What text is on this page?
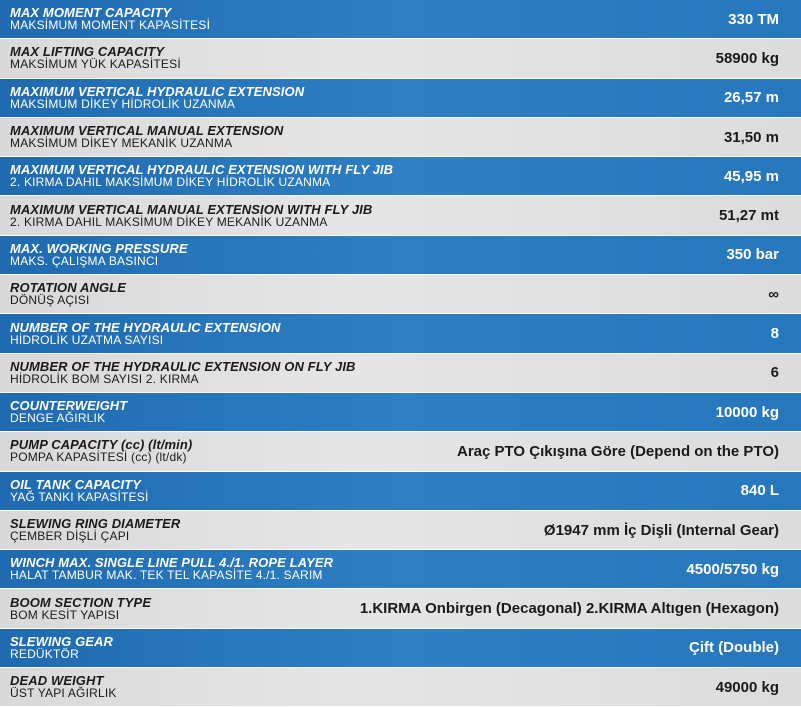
MAX MOMENT CAPACITY
MAKSİMUM MOMENT KAPASİTESİ	330 TM
MAX LIFTING CAPACITY
MAKSİMUM YÜK KAPASİTESİ	58900 kg
MAXIMUM VERTICAL HYDRAULIC EXTENSION
MAKSİMUM DİKEY HİDROLİK UZANMA	26,57 m
MAXIMUM VERTICAL MANUAL EXTENSION
MAKSİMUM DİKEY MEKANİK UZANMA	31,50 m
MAXIMUM VERTICAL HYDRAULIC EXTENSION WITH FLY JIB
2. KIRMA DAHIL MAKSİMUM DİKEY HİDROLİK UZANMA	45,95 m
MAXIMUM VERTICAL MANUAL EXTENSION WITH FLY JIB
2. KIRMA DAHIL MAKSİMUM DİKEY MEKANİK UZANMA	51,27 mt
MAX. WORKING PRESSURE
MAKS. ÇALIŞMA BASINCI	350 bar
ROTATION ANGLE
DÖNÜŞ AÇISI	∞
NUMBER OF THE HYDRAULIC EXTENSION
HİDROLİK UZATMA SAYISI	8
NUMBER OF THE HYDRAULIC EXTENSION ON FLY JIB
HİDROLİK BOM SAYISI 2. KIRMA	6
COUNTERWEIGHT
DENGE AĞIRLIK	10000 kg
PUMP CAPACITY (cc) (lt/min)
POMPA KAPASİTESİ (cc) (lt/dk)	Araç PTO Çıkışına Göre (Depend on the PTO)
OIL TANK CAPACITY
YAĞ TANKI KAPASİTESİ	840 L
SLEWING RING DIAMETER
ÇEMBER DİŞLİ ÇAPI	Ø1947 mm İç Dişli (Internal Gear)
WINCH MAX. SINGLE LINE PULL 4./1. ROPE LAYER
HALAT TAMBUR MAK. TEK TEL KAPASİTE 4./1. SARIM	4500/5750 kg
BOOM SECTION TYPE
BOM KESİT YAPISI	1.KIRMA Onbirgen (Decagonal) 2.KIRMA Altıgen (Hexagon)
SLEWING GEAR
REDÜKTÖR	Çift (Double)
DEAD WEIGHT
ÜST YAPI AĞIRLIK	49000 kg
